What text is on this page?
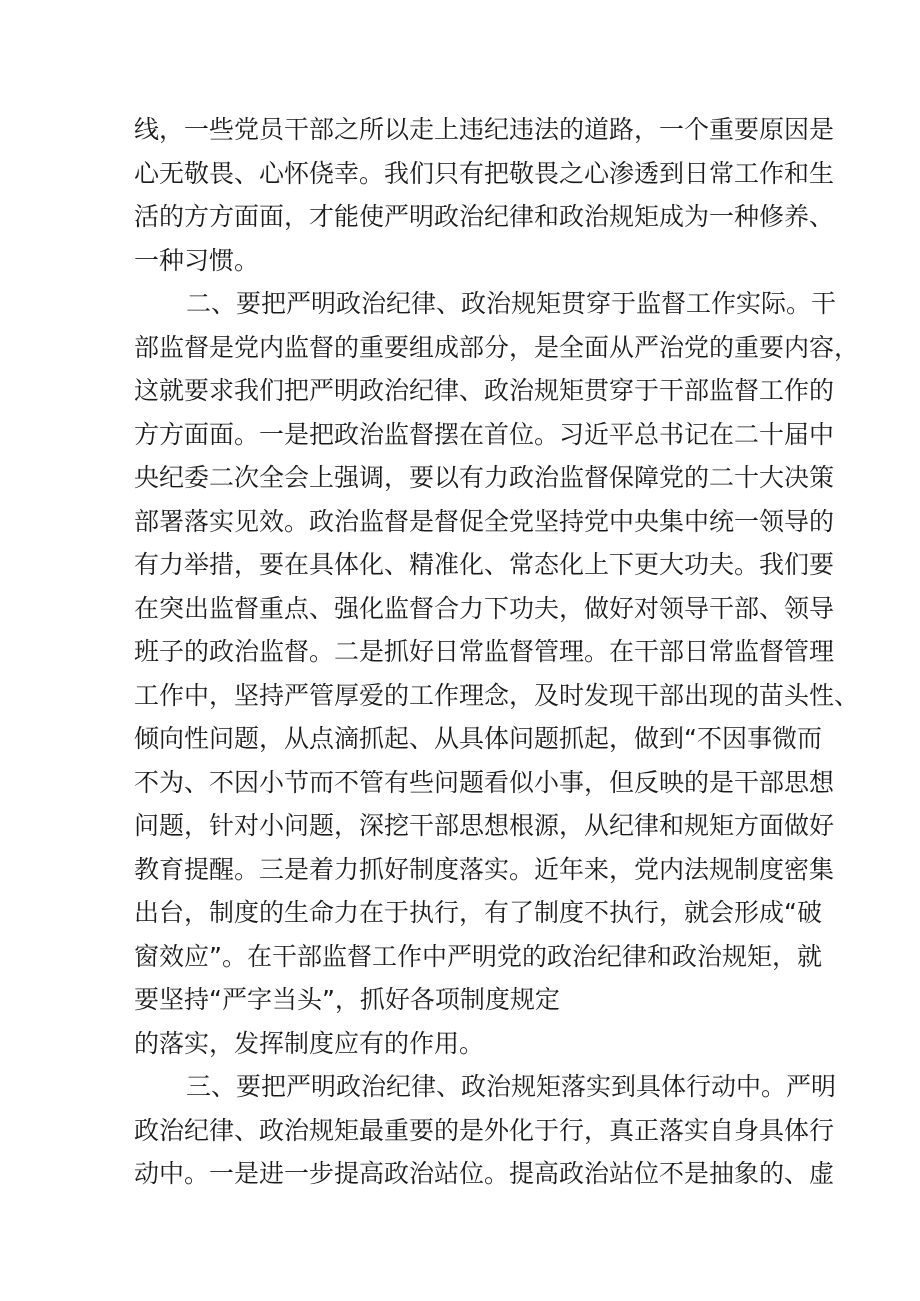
线，一些党员干部之所以走上违纪违法的道路，一个重要原因是
心无敬畏、心怀侥幸。我们只有把敬畏之心渗透到日常工作和生
活的方方面面，才能使严明政治纪律和政治规矩成为一种修养、
一种习惯。
二、要把严明政治纪律、政治规矩贯穿于监督工作实际。干
部监督是党内监督的重要组成部分，是全面从严治党的重要内容，
这就要求我们把严明政治纪律、政治规矩贯穿于干部监督工作的
方方面面。一是把政治监督摆在首位。习近平总书记在二十届中
央纪委二次全会上强调，要以有力政治监督保障党的二十大决策
部署落实见效。政治监督是督促全党坚持党中央集中统一领导的
有力举措，要在具体化、精准化、常态化上下更大功夫。我们要
在突出监督重点、强化监督合力下功夫，做好对领导干部、领导
班子的政治监督。二是抓好日常监督管理。在干部日常监督管理
工作中，坚持严管厚爱的工作理念，及时发现干部出现的苗头性、
倾向性问题，从点滴抓起、从具体问题抓起，做到“不因事微而
不为、不因小节而不管有些问题看似小事，但反映的是干部思想
问题，针对小问题，深挖干部思想根源，从纪律和规矩方面做好
教育提醒。三是着力抓好制度落实。近年来，党内法规制度密集
出台，制度的生命力在于执行，有了制度不执行，就会形成“破
窗效应”。在干部监督工作中严明党的政治纪律和政治规矩，就
要坚持“严字当头”，抓好各项制度规定
的落实，发挥制度应有的作用。
三、要把严明政治纪律、政治规矩落实到具体行动中。严明
政治纪律、政治规矩最重要的是外化于行，真正落实自身具体行
动中。一是进一步提高政治站位。提高政治站位不是抽象的、虚
